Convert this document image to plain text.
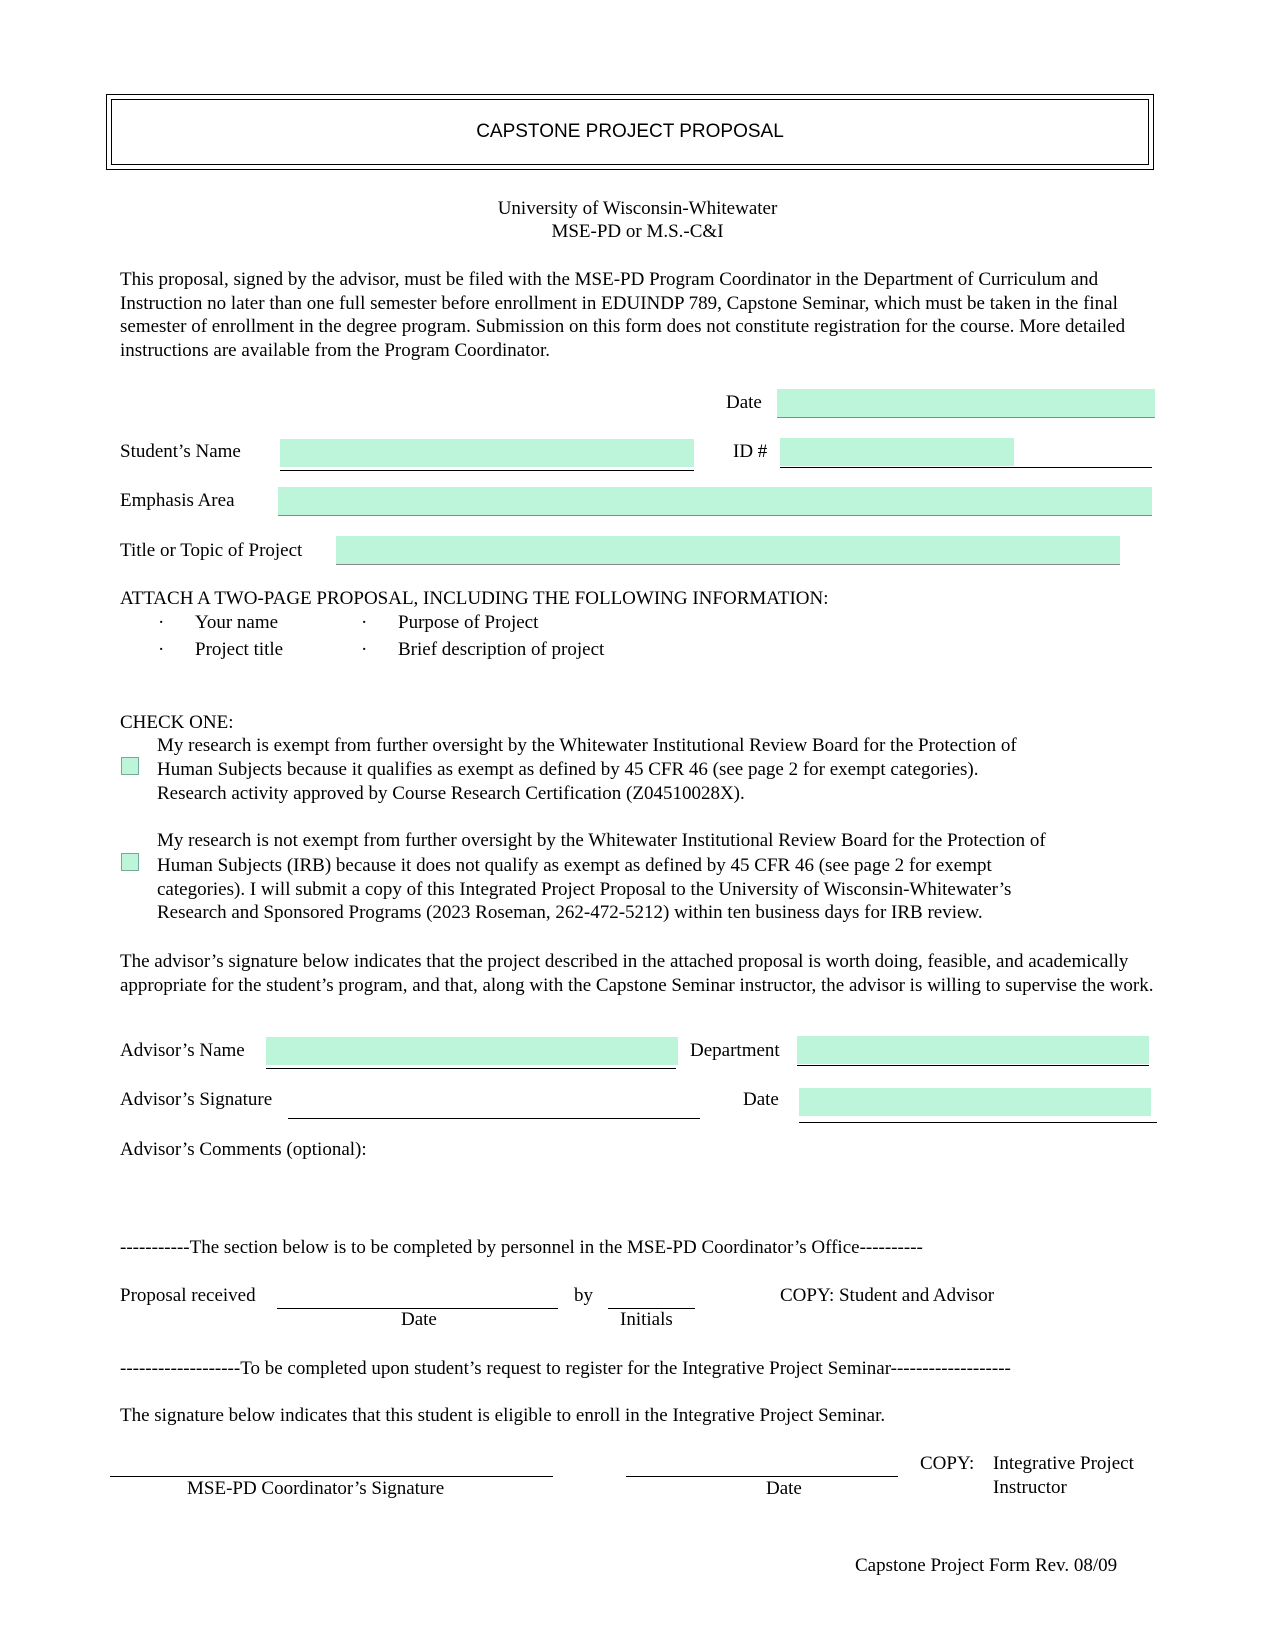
CAPSTONE PROJECT PROPOSAL
University of Wisconsin-Whitewater
MSE-PD or M.S.-C&I
This proposal, signed by the advisor, must be filed with the MSE-PD Program Coordinator in the Department of Curriculum and Instruction no later than one full semester before enrollment in EDUINDP 789, Capstone Seminar, which must be taken in the final semester of enrollment in the degree program. Submission on this form does not constitute registration for the course. More detailed instructions are available from the Program Coordinator.
Date
Student’s Name	ID #
Emphasis Area
Title or Topic of Project
ATTACH A TWO-PAGE PROPOSAL, INCLUDING THE FOLLOWING INFORMATION:
· Your name	· Purpose of Project
· Project title	· Brief description of project
CHECK ONE:
My research is exempt from further oversight by the Whitewater Institutional Review Board for the Protection of
Human Subjects because it qualifies as exempt as defined by 45 CFR 46 (see page 2 for exempt categories).
Research activity approved by Course Research Certification (Z04510028X).
My research is not exempt from further oversight by the Whitewater Institutional Review Board for the Protection of
Human Subjects (IRB) because it does not qualify as exempt as defined by 45 CFR 46 (see page 2 for exempt
categories). I will submit a copy of this Integrated Project Proposal to the University of Wisconsin-Whitewater’s
Research and Sponsored Programs (2023 Roseman, 262-472-5212) within ten business days for IRB review.
The advisor’s signature below indicates that the project described in the attached proposal is worth doing, feasible, and academically appropriate for the student’s program, and that, along with the Capstone Seminar instructor, the advisor is willing to supervise the work.
Advisor’s Name	Department
Advisor’s Signature	Date
Advisor’s Comments (optional):
-----------The section below is to be completed by personnel in the MSE-PD Coordinator’s Office----------
Proposal received
Date
by
Initials
COPY: Student and Advisor
-------------------To be completed upon student’s request to register for the Integrative Project Seminar-------------------
The signature below indicates that this student is eligible to enroll in the Integrative Project Seminar.
MSE-PD Coordinator’s Signature	Date
COPY: Integrative Project
Instructor
Capstone Project Form Rev. 08/09
